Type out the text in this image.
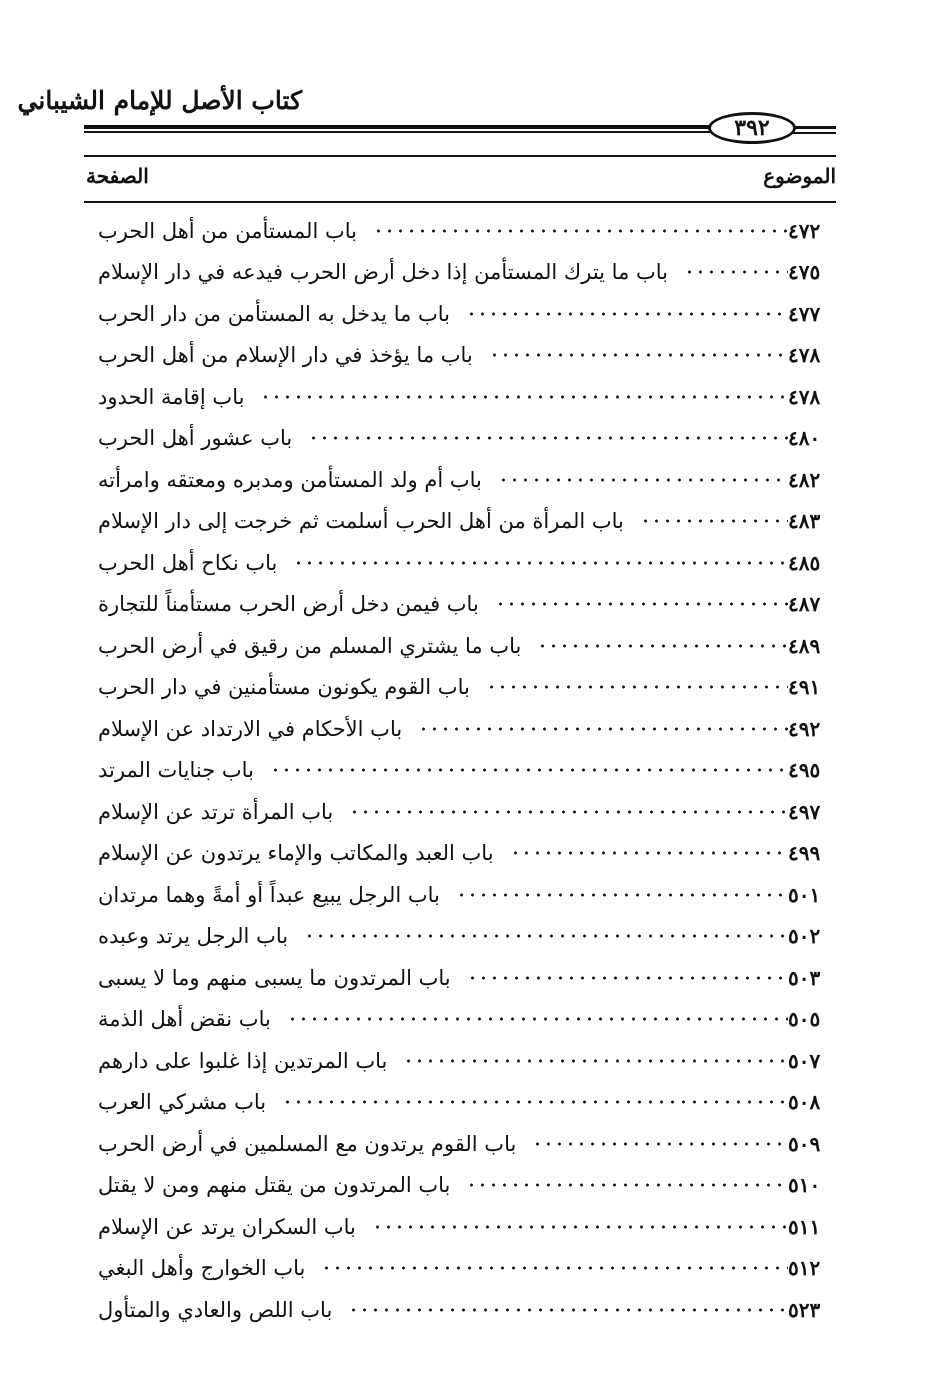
كتاب الأصل للإمام الشيباني
٣٩٢
الموضوع
الصفحة
باب المستأمن من أهل الحرب	٤٧٢
باب ما يترك المستأمن إذا دخل أرض الحرب فيدعه في دار الإسلام	٤٧٥
باب ما يدخل به المستأمن من دار الحرب	٤٧٧
باب ما يؤخذ في دار الإسلام من أهل الحرب	٤٧٨
باب إقامة الحدود	٤٧٨
باب عشور أهل الحرب	٤٨٠
باب أم ولد المستأمن ومدبره ومعتقه وامرأته	٤٨٢
باب المرأة من أهل الحرب أسلمت ثم خرجت إلى دار الإسلام	٤٨٣
باب نكاح أهل الحرب	٤٨٥
باب فيمن دخل أرض الحرب مستأمناً للتجارة	٤٨٧
باب ما يشتري المسلم من رقيق في أرض الحرب	٤٨٩
باب القوم يكونون مستأمنين في دار الحرب	٤٩١
باب الأحكام في الارتداد عن الإسلام	٤٩٢
باب جنايات المرتد	٤٩٥
باب المرأة ترتد عن الإسلام	٤٩٧
باب العبد والمكاتب والإماء يرتدون عن الإسلام	٤٩٩
باب الرجل يبيع عبداً أو أمةً وهما مرتدان	٥٠١
باب الرجل يرتد وعبده	٥٠٢
باب المرتدون ما يسبى منهم وما لا يسبى	٥٠٣
باب نقض أهل الذمة	٥٠٥
باب المرتدين إذا غلبوا على دارهم	٥٠٧
باب مشركي العرب	٥٠٨
باب القوم يرتدون مع المسلمين في أرض الحرب	٥٠٩
باب المرتدون من يقتل منهم ومن لا يقتل	٥١٠
باب السكران يرتد عن الإسلام	٥١١
باب الخوارج وأهل البغي	٥١٢
باب اللص والعادي والمتأول	٥٢٣
